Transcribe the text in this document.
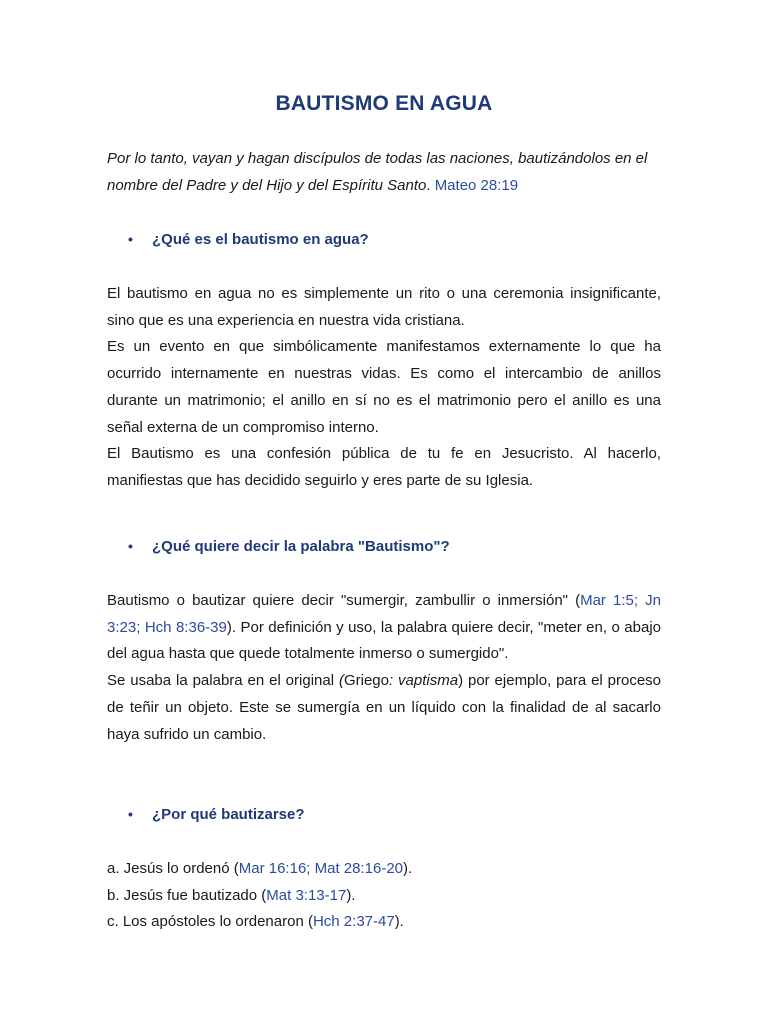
BAUTISMO EN AGUA
Por lo tanto, vayan y hagan discípulos de todas las naciones, bautizándolos en el
nombre del Padre y del Hijo y del Espíritu Santo. Mateo 28:19
• ¿Qué es el bautismo en agua?
El bautismo en agua no es simplemente un rito o una ceremonia insignificante, sino que es una experiencia en nuestra vida cristiana.
Es un evento en que simbólicamente manifestamos externamente lo que ha ocurrido internamente en nuestras vidas. Es como el intercambio de anillos durante un matrimonio; el anillo en sí no es el matrimonio pero el anillo es una señal externa de un compromiso interno.
El Bautismo es una confesión pública de tu fe en Jesucristo. Al hacerlo, manifiestas que has decidido seguirlo y eres parte de su Iglesia.
• ¿Qué quiere decir la palabra "Bautismo"?
Bautismo o bautizar quiere decir "sumergir, zambullir o inmersión" (Mar 1:5; Jn 3:23; Hch 8:36-39). Por definición y uso, la palabra quiere decir, "meter en, o abajo del agua hasta que quede totalmente inmerso o sumergido".
Se usaba la palabra en el original (Griego: vaptisma) por ejemplo, para el proceso de teñir un objeto. Este se sumergía en un líquido con la finalidad de al sacarlo haya sufrido un cambio.
• ¿Por qué bautizarse?
a. Jesús lo ordenó (Mar 16:16; Mat 28:16-20).
b. Jesús fue bautizado (Mat 3:13-17).
c. Los apóstoles lo ordenaron (Hch 2:37-47).
